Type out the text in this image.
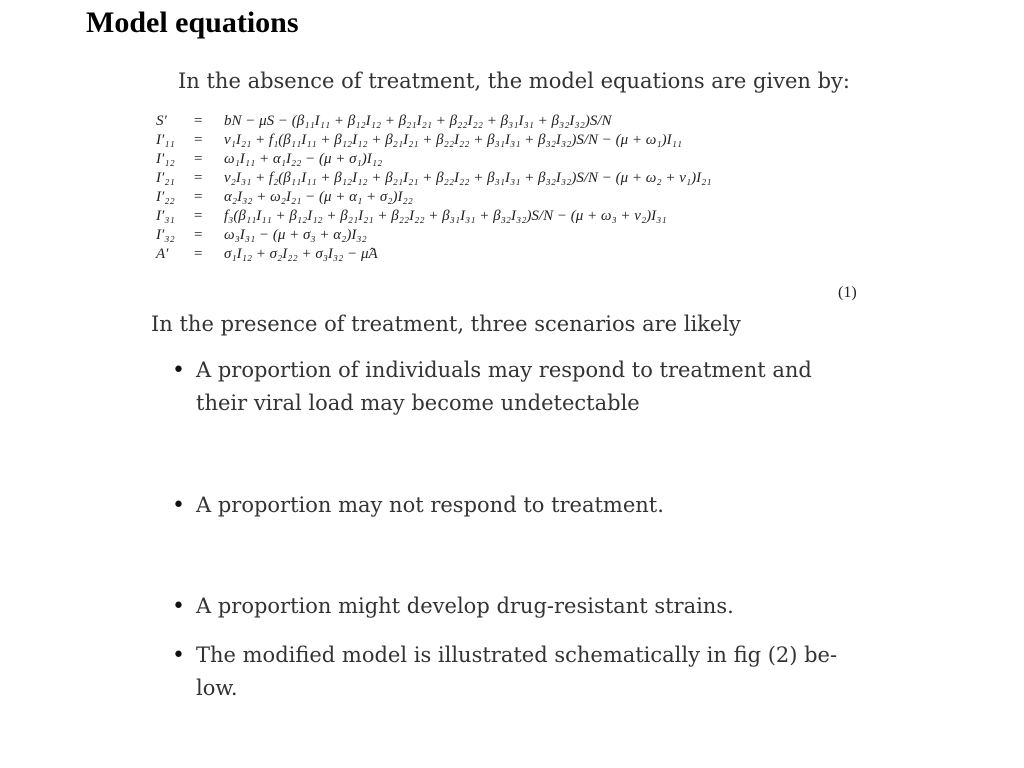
Model equations

In the absence of treatment, the model equations are given by:

S′	=	bN − μS − (β₁₁I₁₁ + β₁₂I₁₂ + β₂₁I₂₁ + β₂₂I₂₂ + β₃₁I₃₁ + β₃₂I₃₂)S/N
I′₁₁	=	ν₁I₂₁ + f₁(β₁₁I₁₁ + β₁₂I₁₂ + β₂₁I₂₁ + β₂₂I₂₂ + β₃₁I₃₁ + β₃₂I₃₂)S/N − (μ + ω₁)I₁₁
I′₁₂	=	ω₁I₁₁ + α₁I₂₂ − (μ + σ₁)I₁₂
I′₂₁	=	ν₂I₃₁ + f₂(β₁₁I₁₁ + β₁₂I₁₂ + β₂₁I₂₁ + β₂₂I₂₂ + β₃₁I₃₁ + β₃₂I₃₂)S/N − (μ + ω₂ + ν₁)I₂₁
I′₂₂	=	α₂I₃₂ + ω₂I₂₁ − (μ + α₁ + σ₂)I₂₂
I′₃₁	=	f₃(β₁₁I₁₁ + β₁₂I₁₂ + β₂₁I₂₁ + β₂₂I₂₂ + β₃₁I₃₁ + β₃₂I₃₂)S/N − (μ + ω₃ + ν₂)I₃₁
I′₃₂	=	ω₃I₃₁ − (μ + σ₃ + α₂)I₃₂
A′	=	σ₁I₁₂ + σ₂I₂₂ + σ₃I₃₂ − μ̂A
(1)

In the presence of treatment, three scenarios are likely

• A proportion of individuals may respond to treatment and their viral load may become undetectable
• A proportion may not respond to treatment.
• A proportion might develop drug-resistant strains.
• The modified model is illustrated schematically in fig (2) be- low.
